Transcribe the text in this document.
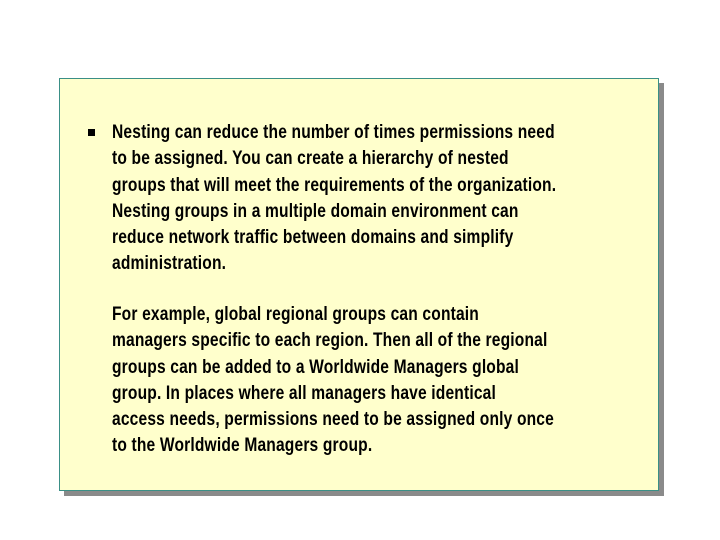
Nesting can reduce the number of times permissions need
to be assigned. You can create a hierarchy of nested
groups that will meet the requirements of the organization.
Nesting groups in a multiple domain environment can
reduce network traffic between domains and simplify
administration.
For example, global regional groups can contain
managers specific to each region. Then all of the regional
groups can be added to a Worldwide Managers global
group. In places where all managers have identical
access needs, permissions need to be assigned only once
to the Worldwide Managers group.
